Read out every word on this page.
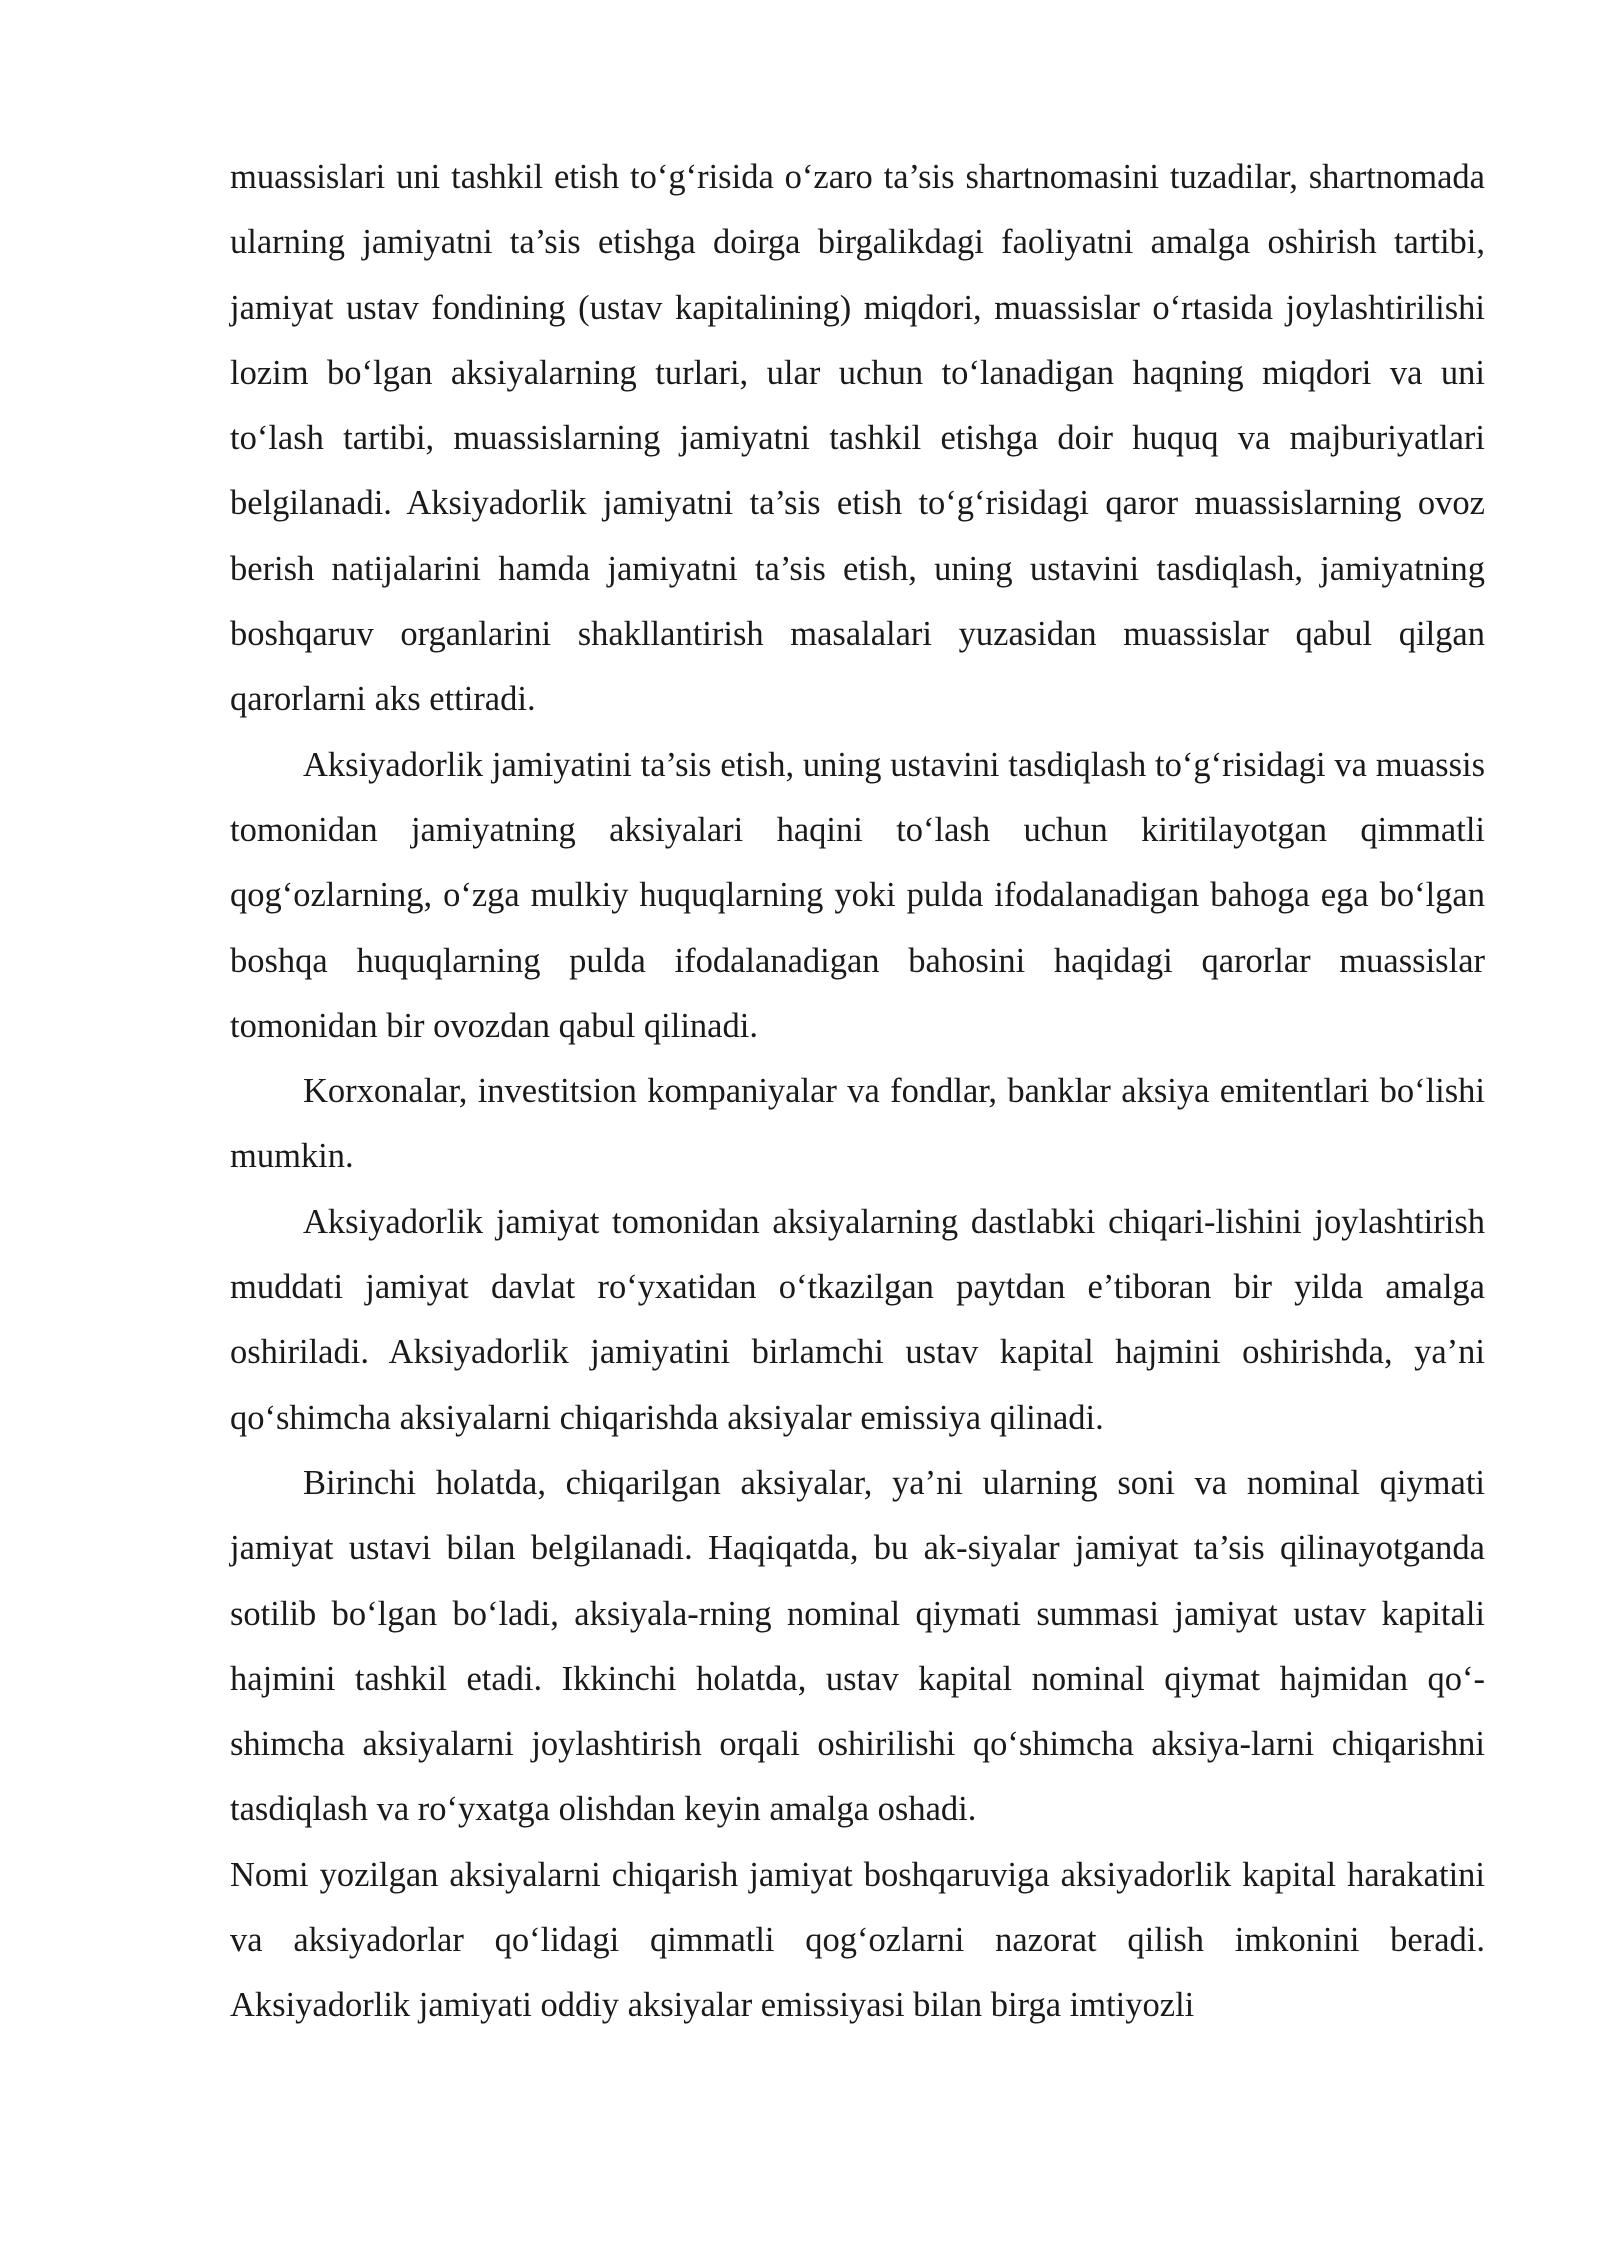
muassislari uni tashkil etish to‘g‘risida o‘zaro ta’sis shartnomasini tuzadilar, shartnomada ularning jamiyatni ta’sis etishga doirga birgalikdagi faoliyatni amalga oshirish tartibi, jamiyat ustav fondining (ustav kapitalining) miqdori, muassislar o‘rtasida joylashtirilishi lozim bo‘lgan aksiyalarning turlari, ular uchun to‘lanadigan haqning miqdori va uni to‘lash tartibi, muassislarning jamiyatni tashkil etishga doir huquq va majburiyatlari belgilanadi. Aksiyadorlik jamiyatni ta’sis etish to‘g‘risidagi qaror muassislarning ovoz berish natijalarini hamda jamiyatni ta’sis etish, uning ustavini tasdiqlash, jamiyatning boshqaruv organlarini shakllantirish masalalari yuzasidan muassislar qabul qilgan qarorlarni aks ettiradi.

Aksiyadorlik jamiyatini ta’sis etish, uning ustavini tasdiqlash to‘g‘risidagi va muassis tomonidan jamiyatning aksiyalari haqini to‘lash uchun kiritilayotgan qimmatli qog‘ozlarning, o‘zga mulkiy huquqlarning yoki pulda ifodalanadigan bahoga ega bo‘lgan boshqa huquqlarning pulda ifodalanadigan bahosini haqidagi qarorlar muassislar tomonidan bir ovozdan qabul qilinadi.

Korxonalar, investitsion kompaniyalar va fondlar, banklar aksiya emitentlari bo‘lishi mumkin.

Aksiyadorlik jamiyat tomonidan aksiyalarning dastlabki chiqari-lishini joylashtirish muddati jamiyat davlat ro‘yxatidan o‘tkazilgan paytdan e’tiboran bir yilda amalga oshiriladi. Aksiyadorlik jamiyatini birlamchi ustav kapital hajmini oshirishda, ya’ni qo‘shimcha aksiyalarni chiqarishda aksiyalar emissiya qilinadi.

Birinchi holatda, chiqarilgan aksiyalar, ya’ni ularning soni va nominal qiymati jamiyat ustavi bilan belgilanadi. Haqiqatda, bu ak-siyalar jamiyat ta’sis qilinayotganda sotilib bo‘lgan bo‘ladi, aksiyala-rning nominal qiymati summasi jamiyat ustav kapitali hajmini tashkil etadi. Ikkinchi holatda, ustav kapital nominal qiymat hajmidan qo‘-shimcha aksiyalarni joylashtirish orqali oshirilishi qo‘shimcha aksiya-larni chiqarishni tasdiqlash va ro‘yxatga olishdan keyin amalga oshadi.

Nomi yozilgan aksiyalarni chiqarish jamiyat boshqaruviga aksiyadorlik kapital harakatini va aksiyadorlar qo‘lidagi qimmatli qog‘ozlarni nazorat qilish imkonini beradi. Aksiyadorlik jamiyati oddiy aksiyalar emissiyasi bilan birga imtiyozli
